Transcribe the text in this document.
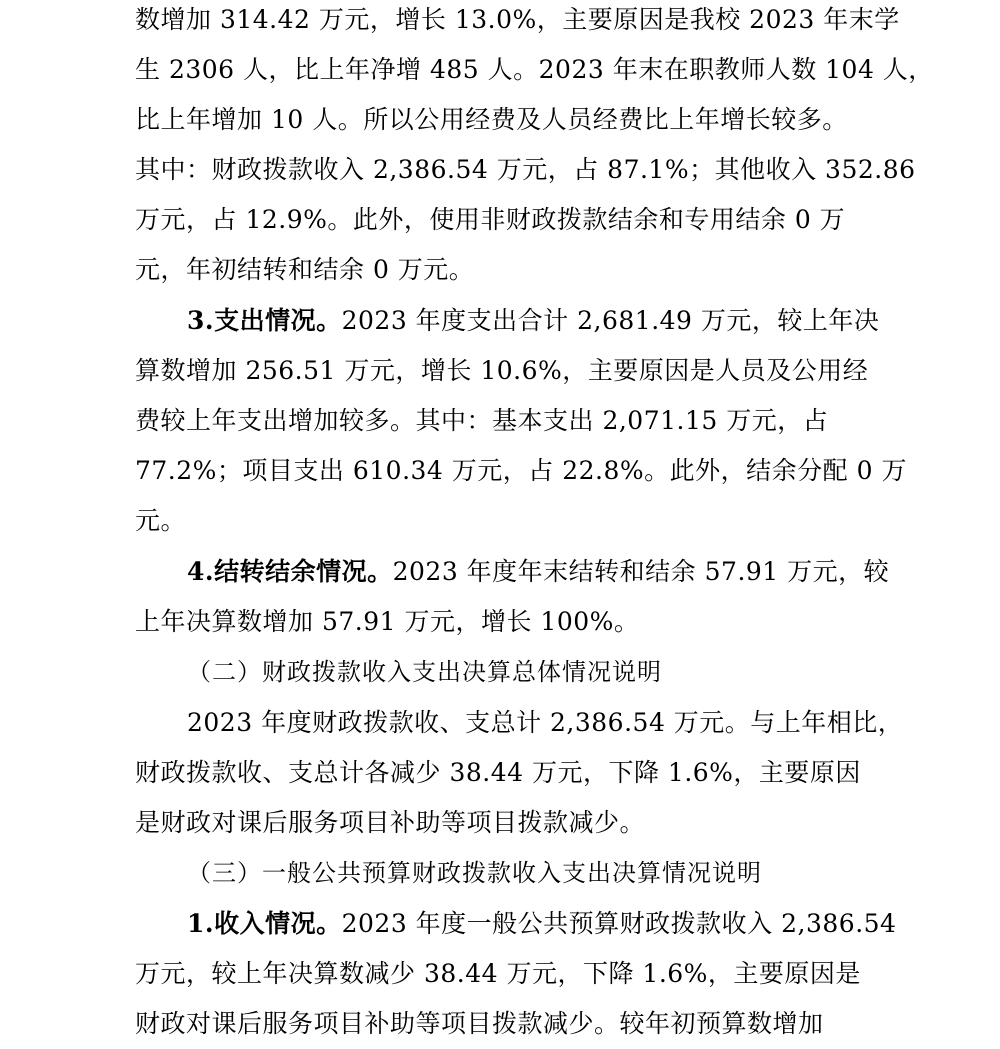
数增加 314.42 万元，增长 13.0%，主要原因是我校 2023 年末学
生 2306 人，比上年净增 485 人。2023 年末在职教师人数 104 人，
比上年增加 10 人。所以公用经费及人员经费比上年增长较多。
其中：财政拨款收入 2,386.54 万元，占 87.1%；其他收入 352.86
万元，占 12.9%。此外，使用非财政拨款结余和专用结余 0 万
元，年初结转和结余 0 万元。
3.支出情况。2023 年度支出合计 2,681.49 万元，较上年决
算数增加 256.51 万元，增长 10.6%，主要原因是人员及公用经
费较上年支出增加较多。其中：基本支出 2,071.15 万元，占
77.2%；项目支出 610.34 万元，占 22.8%。此外，结余分配 0 万
元。
4.结转结余情况。2023 年度年末结转和结余 57.91 万元，较
上年决算数增加 57.91 万元，增长 100%。
（二）财政拨款收入支出决算总体情况说明
2023 年度财政拨款收、支总计 2,386.54 万元。与上年相比，
财政拨款收、支总计各减少 38.44 万元，下降 1.6%，主要原因
是财政对课后服务项目补助等项目拨款减少。
（三）一般公共预算财政拨款收入支出决算情况说明
1.收入情况。2023 年度一般公共预算财政拨款收入 2,386.54
万元，较上年决算数减少 38.44 万元，下降 1.6%，主要原因是
财政对课后服务项目补助等项目拨款减少。较年初预算数增加
